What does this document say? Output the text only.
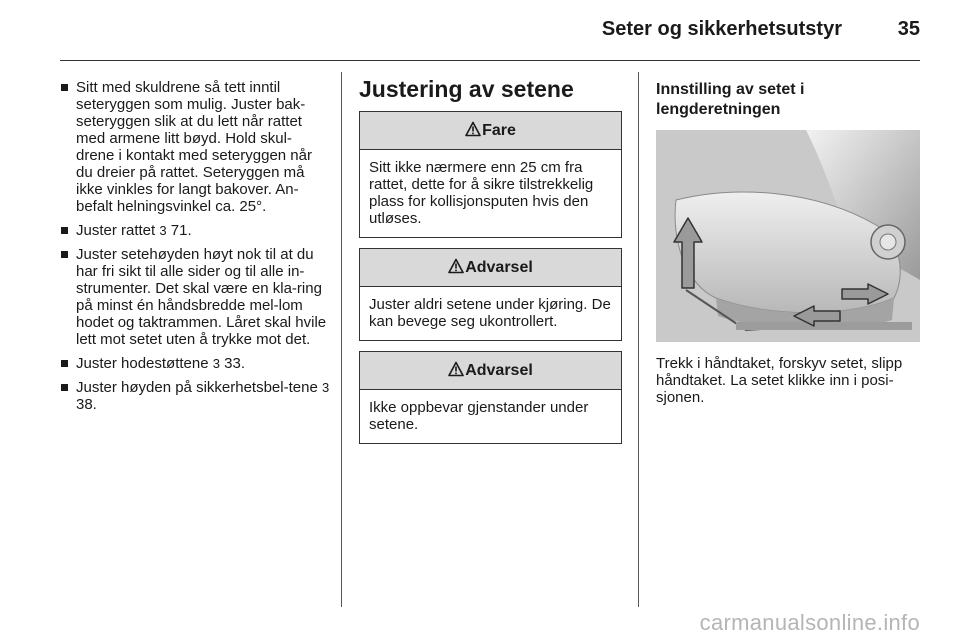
Seter og sikkerhetsutstyr	35
Sitt med skuldrene så tett inntil seteryggen som mulig. Juster bak-seteryggen slik at du lett når rattet med armene litt bøyd. Hold skul-drene i kontakt med seteryggen når du dreier på rattet. Seteryggen må ikke vinkles for langt bakover. An-befalt helningsvinkel ca. 25°.
Juster rattet 3 71.
Juster setehøyden høyt nok til at du har fri sikt til alle sider og til alle in-strumenter. Det skal være en kla-ring på minst én håndsbredde mel-lom hodet og taktrammen. Låret skal hvile lett mot setet uten å trykke mot det.
Juster hodestøttene 3 33.
Juster høyden på sikkerhetsbel-tene 3 38.
Justering av setene
Fare
Sitt ikke nærmere enn 25 cm fra rattet, dette for å sikre tilstrekkelig plass for kollisjonsputen hvis den utløses.
Advarsel
Juster aldri setene under kjøring. De kan bevege seg ukontrollert.
Advarsel
Ikke oppbevar gjenstander under setene.
Innstilling av setet i lengderetningen

Trekk i håndtaket, forskyv setet, slipp håndtaket. La setet klikke inn i posi-sjonen.

carmanualsonline.info
